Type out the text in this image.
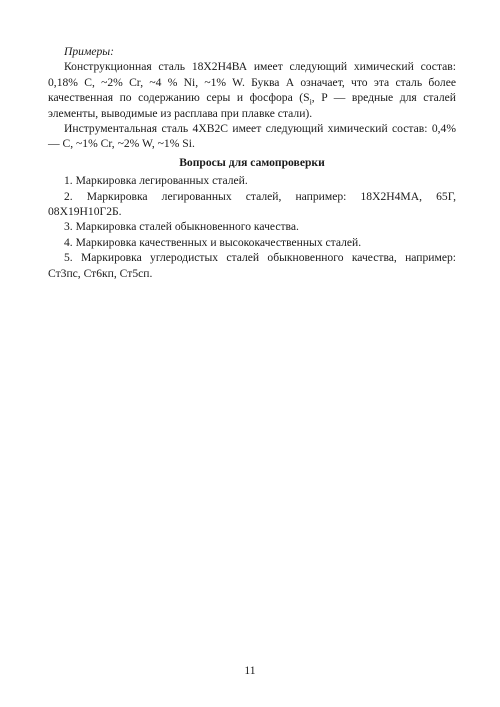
Примеры:

Конструкционная сталь 18Х2Н4ВА имеет следующий химический состав: 0,18% С, ~2% Cr, ~4 % Ni, ~1% W. Буква А означает, что эта сталь более качественная по содержанию серы и фосфора ($S_i$, P — вредные для сталей элементы, выводимые из расплава при плавке стали).

Инструментальная сталь 4ХВ2С имеет следующий химический состав: 0,4% — С, ~1% Cr, ~2% W, ~1% Si.

Вопросы для самопроверки

1. Маркировка легированных сталей.
2. Маркировка легированных сталей, например: 18Х2Н4МА, 65Г, 08Х19Н10Г2Б.
3. Маркировка сталей обыкновенного качества.
4. Маркировка качественных и высококачественных сталей.
5. Маркировка углеродистых сталей обыкновенного качества, например: Ст3пс, Ст6кп, Ст5сп.
11
